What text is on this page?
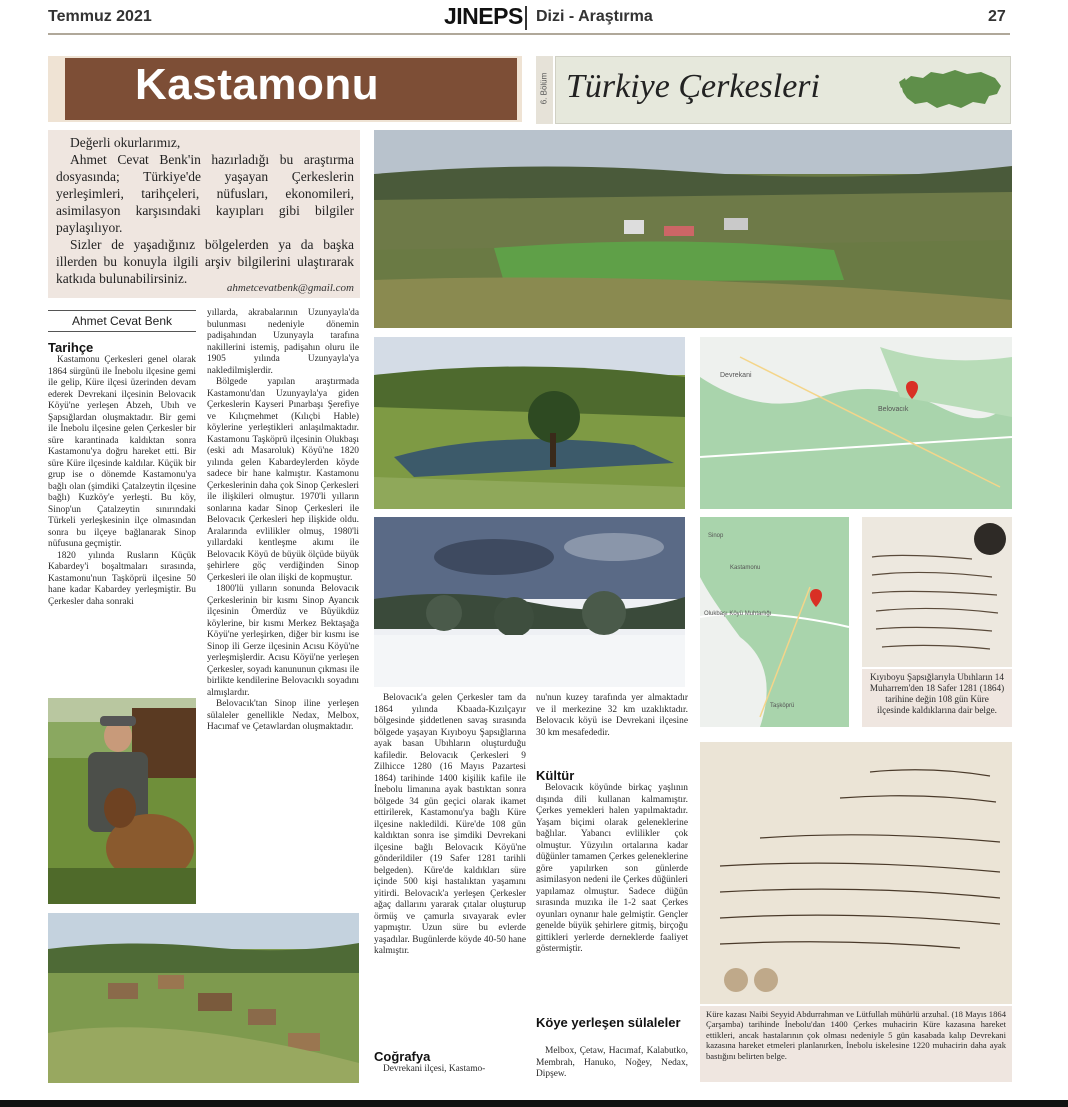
Temmuz 2021	JINEPS Dizi - Araştırma	27
Kastamonu	6. Bölüm Türkiye Çerkesleri

Değerli okurlarımız,

Ahmet Cevat Benk'in hazırladığı bu araştırma dosyasında; Türkiye'de yaşayan Çerkeslerin yerleşimleri, tarihçeleri, nüfusları, ekonomileri, asimilasyon karşısındaki kayıpları gibi bilgiler paylaşılıyor.

Sizler de yaşadığınız bölgelerden ya da başka illerden bu konuyla ilgili arşiv bilgilerini ulaştırarak katkıda bulunabilirsiniz.

ahmetcevatbenk@gmail.com
Ahmet Cevat Benk
Tarihçe

Kastamonu Çerkesleri genel olarak 1864 sürgünü ile İnebolu ilçesine gemi ile gelip, Küre ilçesi üzerinden devam ederek Devrekani ilçesinin Belovacık Köyü'ne yerleşen Abzeh, Ubıh ve Şapsığlardan oluşmaktadır. Bir gemi ile İnebolu ilçesine gelen Çerkesler bir süre karantinada kaldıktan sonra Kastamonu'ya doğru hareket etti. Bir süre Küre ilçesinde kaldılar. Küçük bir grup ise o dönemde Kastamonu'ya bağlı olan (şimdiki Çatalzeytin ilçesine bağlı) Kuzköy'e yerleşti. Bu köy, Sinop'un Çatalzeytin sınırındaki Türkeli yerleşkesinin ilçe olmasından sonra bu ilçeye bağlanarak Sinop nüfusuna geçmiştir.

1820 yılında Rusların Küçük Kabardey'i boşaltmaları sırasında, Kastamonu'nun Taşköprü ilçesine 50 hane kadar Kabardey yerleşmiştir. Bu Çerkesler daha sonraki

yıllarda, akrabalarının Uzunyayla'da bulunması nedeniyle dönemin padişahından Uzunyayla tarafına nakillerini istemiş, padişahın oluru ile 1905 yılında Uzunyayla'ya nakledilmişlerdir.

Bölgede yapılan araştırmada Kastamonu'dan Uzunyayla'ya giden Çerkeslerin Kayseri Pınarbaşı Şerefiye ve Kılıçmehmet (Kılıçbi Hable) köylerine yerleştikleri anlaşılmaktadır. Kastamonu Taşköprü ilçesinin Olukbaşı (eski adı Masaroluk) Köyü'ne 1820 yılında gelen Kabardeylerden köyde sadece bir hane kalmıştır. Kastamonu Çerkeslerinin daha çok Sinop Çerkesleri ile ilişkileri olmuştur. 1970'li yılların sonlarına kadar Sinop Çerkesleri ile Belovacık Çerkesleri hep ilişkide oldu. Aralarında evlilikler olmuş, 1980'li yıllardaki kentleşme akımı ile Belovacık Köyü de büyük ölçüde büyük şehirlere göç verdiğinden Sinop Çerkesleri ile olan ilişki de kopmuştur.

1800'lü yılların sonunda Belovacık Çerkeslerinin bir kısmı Sinop Ayancık ilçesinin Ömerdüz ve Büyükdüz köylerine, bir kısmı Merkez Bektaşağa Köyü'ne yerleşirken, diğer bir kısmı ise Sinop ili Gerze ilçesinin Acısu Köyü'ne yerleşmişlerdir. Acısu Köyü'ne yerleşen Çerkesler, soyadı kanununun çıkması ile birlikte kendilerine Belovacıklı soyadını almışlardır.

Belovacık'tan Sinop iline yerleşen sülaleler genellikle Nedax, Melbox, Hacımaf ve Çetawlardan oluşmaktadır.

Devrekani
Belovacık
Sinop
Kastamonu
Olukbaşı Köyü Muhtarlığı
Taşköprü
Kıyıboyu Şapsığlarıyla Ubıhların 14 Muharrem'den 18 Safer 1281 (1864) tarihine değin 108 gün Küre ilçesinde kaldıklarına dair belge.

Belovacık'a gelen Çerkesler tam da 1864 yılında Kbaada-Kızılçayır bölgesinde şiddetlenen savaş sırasında bölgede yaşayan Kıyıboyu Şapsığlarına ayak basan Ubıhların oluşturduğu kafiledir. Belovacık Çerkesleri 9 Zilhicce 1280 (16 Mayıs Pazartesi 1864) tarihinde 1400 kişilik kafile ile İnebolu limanına ayak bastıktan sonra bölgede 34 gün geçici olarak ikamet ettirilerek, Kastamonu'ya bağlı Küre ilçesine nakledildi. Küre'de 108 gün kaldıktan sonra ise şimdiki Devrekani ilçesine bağlı Belovacık Köyü'ne gönderildiler (19 Safer 1281 tarihli belgeden). Küre'de kaldıkları süre içinde 500 kişi hastalıktan yaşamını yitirdi. Belovacık'a yerleşen Çerkesler ağaç dallarını yararak çıtalar oluşturup örmüş ve çamurla sıvayarak evler yapmıştır. Uzun süre bu evlerde yaşadılar. Bugünlerde köyde 40-50 hane kalmıştır.

Coğrafya

Devrekani ilçesi, Kastamo-

nu'nun kuzey tarafında yer almaktadır ve il merkezine 32 km uzaklıktadır. Belovacık köyü ise Devrekani ilçesine 30 km mesafededir.

Kültür

Belovacık köyünde birkaç yaşlının dışında dili kullanan kalmamıştır. Çerkes yemekleri halen yapılmaktadır. Yaşam biçimi olarak geleneklerine bağlılar. Yabancı evlilikler çok olmuştur. Yüzyılın ortalarına kadar düğünler tamamen Çerkes geleneklerine göre yapılırken son günlerde asimilasyon nedeni ile Çerkes düğünleri yapılamaz olmuştur. Sadece düğün sırasında muzıka ile 1-2 saat Çerkes oyunları oynanır hale gelmiştir. Gençler genelde büyük şehirlere gitmiş, birçoğu gittikleri yerlerde derneklerde faaliyet göstermiştir.

Köye yerleşen sülaleler

Melbox, Çetaw, Hacımaf, Kalabutko, Membrah, Hanuko, Noğey, Nedax, Dipşew.

Küre kazası Naibi Seyyid Abdurrahman ve Lütfullah mühürlü arzuhal. (18 Mayıs 1864 Çarşamba) tarihinde İnebolu'dan 1400 Çerkes muhacirin Küre kazasına hareket ettikleri, ancak hastalarının çok olması nedeniyle 5 gün kasabada kalıp Devrekani kazasına hareket etmeleri planlanırken, İnebolu iskelesine 1220 muhacirin daha ayak bastığını belirten belge.
